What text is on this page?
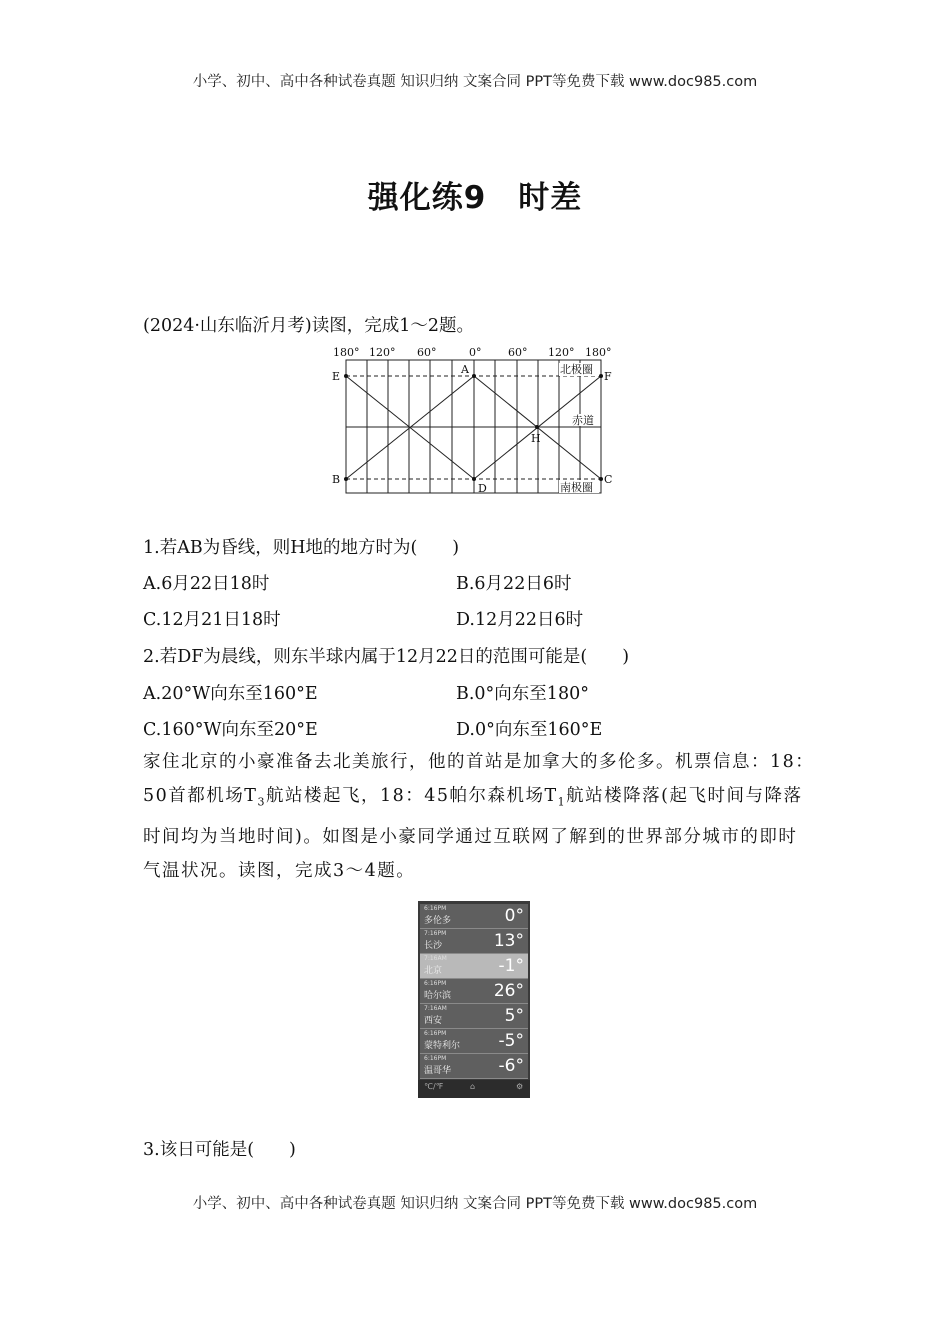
小学、初中、高中各种试卷真题 知识归纳 文案合同 PPT等免费下载 www.doc985.com
强化练9　时差
(2024·山东临沂月考)读图，完成1～2题。
180° 120° 60°	0° 60° 120° 180°
E
B
A
D
F
C
H
北极圈
赤道
南极圈
1.若AB为昏线，则H地的地方时为(　　)
A.6月22日18时	B.6月22日6时
C.12月21日18时	D.12月22日6时
2.若DF为晨线，则东半球内属于12月22日的范围可能是(　　)
A.20°W向东至160°E	B.0°向东至180°
C.160°W向东至20°E	D.0°向东至160°E
家住北京的小豪准备去北美旅行，他的首站是加拿大的多伦多。机票信息：18：
50首都机场$T_3$航站楼起飞，18：45帕尔森机场$T_1$航站楼降落(起飞时间与降落
时间均为当地时间)。如图是小豪同学通过互联网了解到的世界部分城市的即时
气温状况。读图，完成3～4题。
6:16PM
多伦多	0°
7:16PM
长沙	13°
7:16AM
北京	-1°
6:16PM
哈尔滨	26°
7:16AM
西安	5°
6:16PM
蒙特利尔 -5°
6:16PM
温哥华	-6°
℃/℉	⌂	⚙
3.该日可能是(　　)
小学、初中、高中各种试卷真题 知识归纳 文案合同 PPT等免费下载 www.doc985.com
